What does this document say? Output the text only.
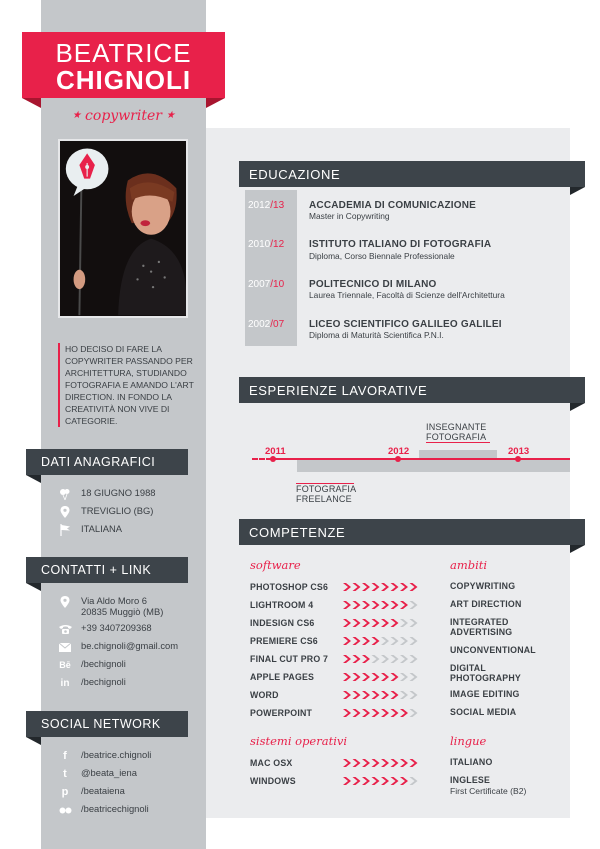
BEATRICE
CHIGNOLI
★ copywriter ★
HO DECISO DI FARE LA COPYWRITER PASSANDO PER ARCHITETTURA, STUDIANDO FOTOGRAFIA E AMANDO L'ART DIRECTION. IN FONDO LA CREATIVITÀ NON VIVE DI CATEGORIE.
DATI ANAGRAFICI
18 GIUGNO 1988
TREVIGLIO (BG)
ITALIANA
CONTATTI + LINK
Via Aldo Moro 6
20835 Muggiò (MB)
+39 3407209368
be.chignoli@gmail.com
Bē /bechignoli
in /bechignoli
SOCIAL NETWORK
f	/beatrice.chignoli
t	@beata_iena
p	/beataiena
/beatricechignoli
EDUCAZIONE
2012/13 ACCADEMIA DI COMUNICAZIONE
Master in Copywriting
2010/12 ISTITUTO ITALIANO DI FOTOGRAFIA
Diploma, Corso Biennale Professionale
2007/10 POLITECNICO DI MILANO
Laurea Triennale, Facoltà di Scienze dell'Architettura
2002/07 LICEO SCIENTIFICO GALILEO GALILEI
Diploma di Maturità Scientifica P.N.I.
ESPERIENZE LAVORATIVE
INSEGNANTE
FOTOGRAFIA
2011	2012	2013
FOTOGRAFIA
FREELANCE
COMPETENZE
software	ambiti
PHOTOSHOP CS6
LIGHTROOM 4
INDESIGN CS6
PREMIERE CS6
FINAL CUT PRO 7
APPLE PAGES
WORD
POWERPOINT
COPYWRITING
ART DIRECTION
INTEGRATED
ADVERTISING
UNCONVENTIONAL
DIGITAL
PHOTOGRAPHY
IMAGE EDITING
SOCIAL MEDIA
sistemi operativi	lingue
MAC OSX
WINDOWS
ITALIANO
INGLESE
First Certificate (B2)
